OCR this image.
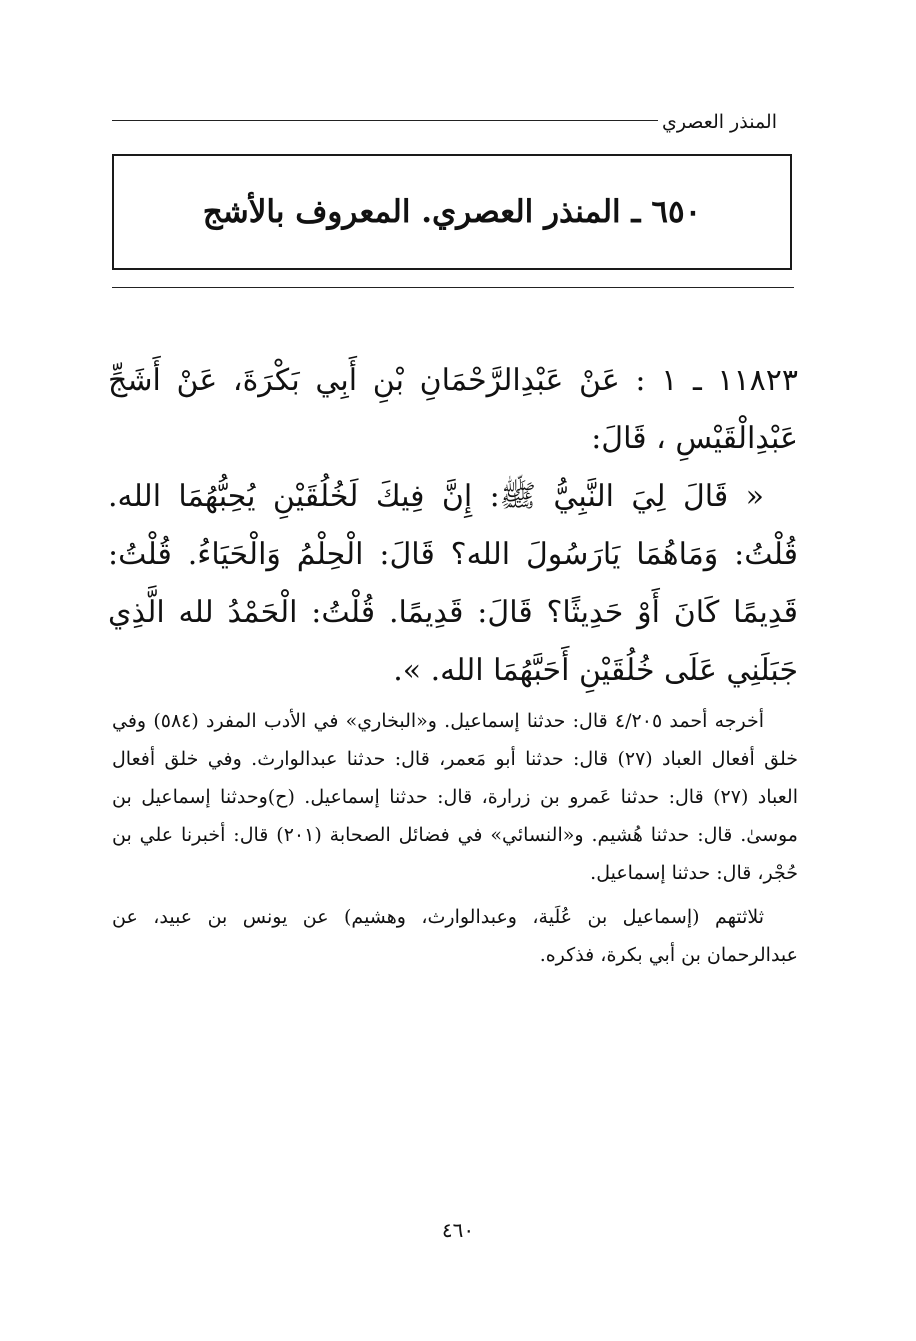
المنذر العصري
٦٥٠ ـ المنذر العصري. المعروف بالأشج

١١٨٢٣ ـ ١ : عَنْ عَبْدِالرَّحْمَانِ بْنِ أَبِي بَكْرَةَ، عَنْ أَشَجِّ عَبْدِالْقَيْسِ ، قَالَ:

« قَالَ لِيَ النَّبِيُّ ﷺ: إِنَّ فِيكَ لَخُلُقَيْنِ يُحِبُّهُمَا الله. قُلْتُ: وَمَاهُمَا يَارَسُولَ الله؟ قَالَ: الْحِلْمُ وَالْحَيَاءُ. قُلْتُ: قَدِيمًا كَانَ أَوْ حَدِيثًا؟ قَالَ: قَدِيمًا. قُلْتُ: الْحَمْدُ لله الَّذِي جَبَلَنِي عَلَى خُلُقَيْنِ أَحَبَّهُمَا الله. ».

أخرجه أحمد ٤/٢٠٥ قال: حدثنا إسماعيل. و«البخاري» في الأدب المفرد (٥٨٤) وفي خلق أفعال العباد (٢٧) قال: حدثنا أبو مَعمر، قال: حدثنا عبدالوارث. وفي خلق أفعال العباد (٢٧) قال: حدثنا عَمرو بن زرارة، قال: حدثنا إسماعيل. (ح)وحدثنا إسماعيل بن موسىٰ. قال: حدثنا هُشيم. و«النسائي» في فضائل الصحابة (٢٠١) قال: أخبرنا علي بن حُجْر، قال: حدثنا إسماعيل.

ثلاثتهم (إسماعيل بن عُلَية، وعبدالوارث، وهشيم) عن يونس بن عبيد، عن عبدالرحمان بن أبي بكرة، فذكره.

٤٦٠
